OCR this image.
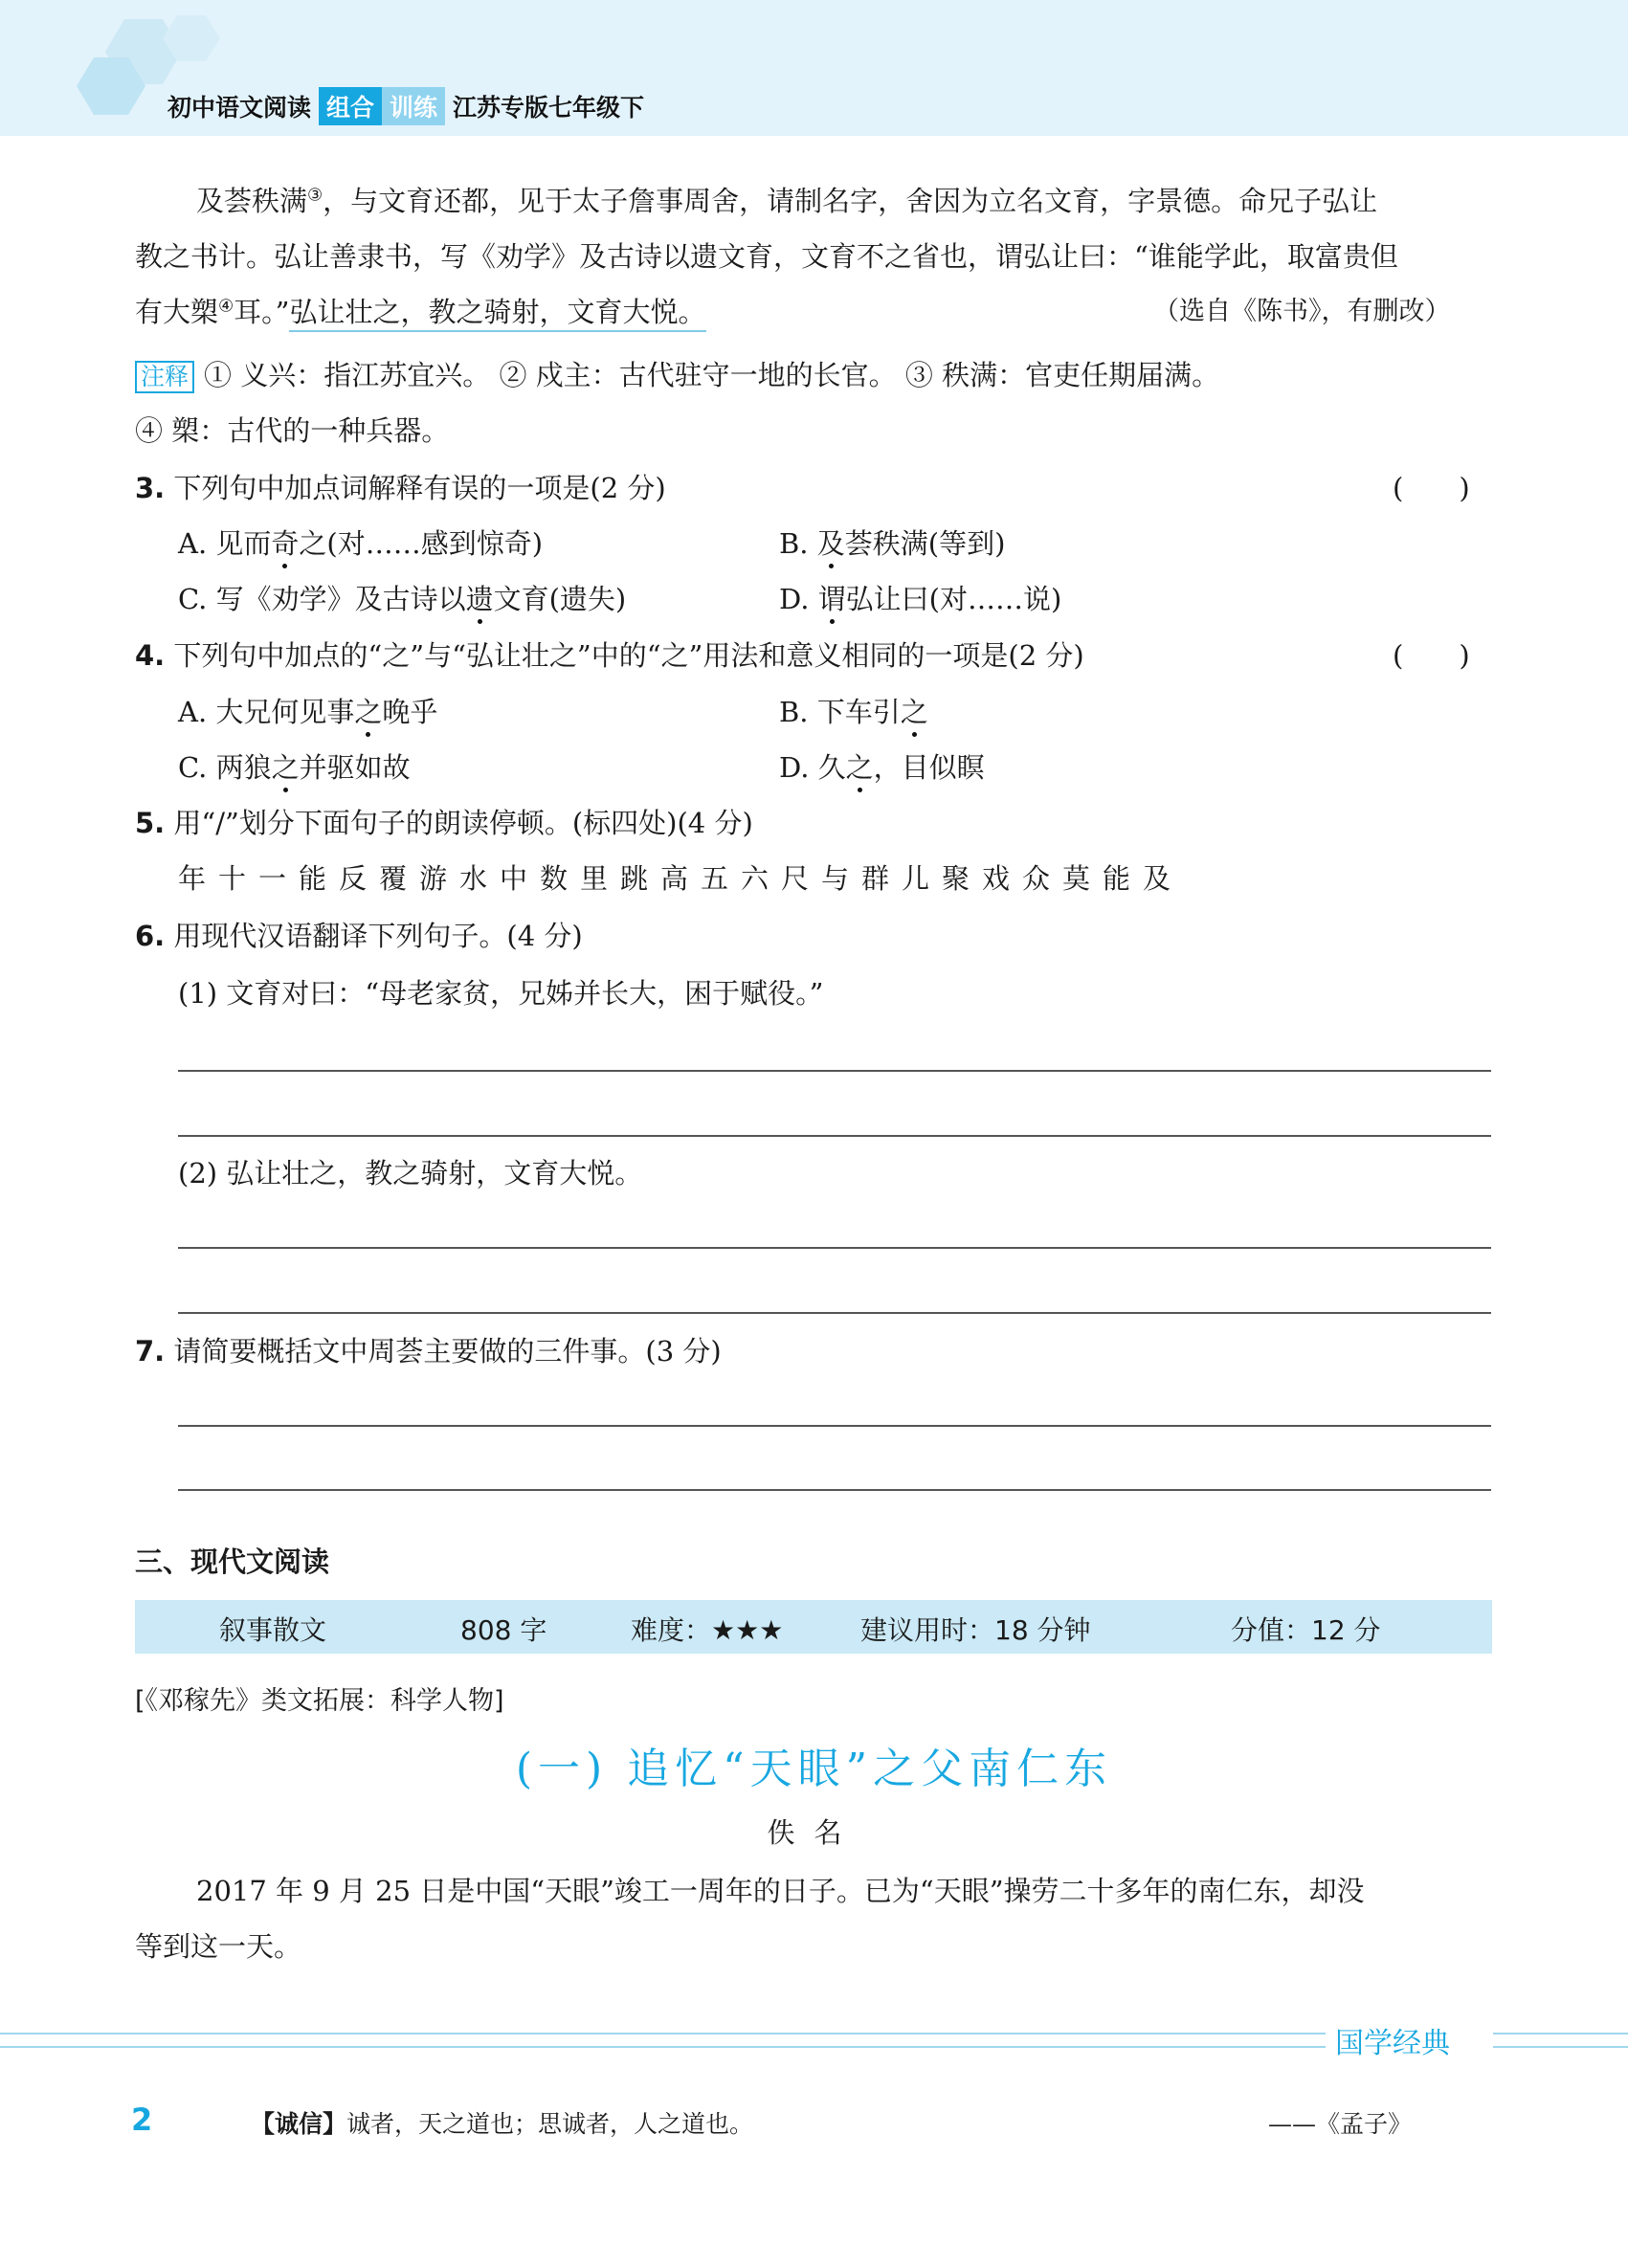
初中语文阅读 组合 训练 江苏专版七年级下
及荟秩满③，与文育还都，见于太子詹事周舍，请制名字，舍因为立名文育，字景德。命兄子弘让
教之书计。弘让善隶书，写《劝学》及古诗以遗文育，文育不之省也，谓弘让曰：“谁能学此，取富贵但
有大槊④耳。”弘让壮之，教之骑射，文育大悦。	（选自《陈书》，有删改）
注释 ① 义兴：指江苏宜兴。 ② 戍主：古代驻守一地的长官。 ③ 秩满：官吏任期届满。
④ 槊：古代的一种兵器。
3. 下列句中加点词解释有误的一项是(2 分)	(　　)
A. 见而奇之(对……感到惊奇)	B. 及荟秩满(等到)
C. 写《劝学》及古诗以遗文育(遗失)	D. 谓弘让曰(对……说)
4. 下列句中加点的“之”与“弘让壮之”中的“之”用法和意义相同的一项是(2 分)	(　　)
A. 大兄何见事之晚乎	B. 下车引之
C. 两狼之并驱如故	D. 久之，目似瞑
5. 用“/”划分下面句子的朗读停顿。(标四处)(4 分)
年十一能反覆游水中数里跳高五六尺与群儿聚戏众莫能及
6. 用现代汉语翻译下列句子。(4 分)
(1) 文育对曰：“母老家贫，兄姊并长大，困于赋役。”
(2) 弘让壮之，教之骑射，文育大悦。
7. 请简要概括文中周荟主要做的三件事。(3 分)
三、现代文阅读
叙事散文	808 字	难度：★★★	建议用时：18 分钟	分值：12 分
[《邓稼先》类文拓展：科学人物]
(一) 追忆“天眼”之父南仁东
佚名
2017 年 9 月 25 日是中国“天眼”竣工一周年的日子。已为“天眼”操劳二十多年的南仁东，却没
等到这一天。
国学经典
2	【诚信】诚者，天之道也；思诚者，人之道也。	——《孟子》
